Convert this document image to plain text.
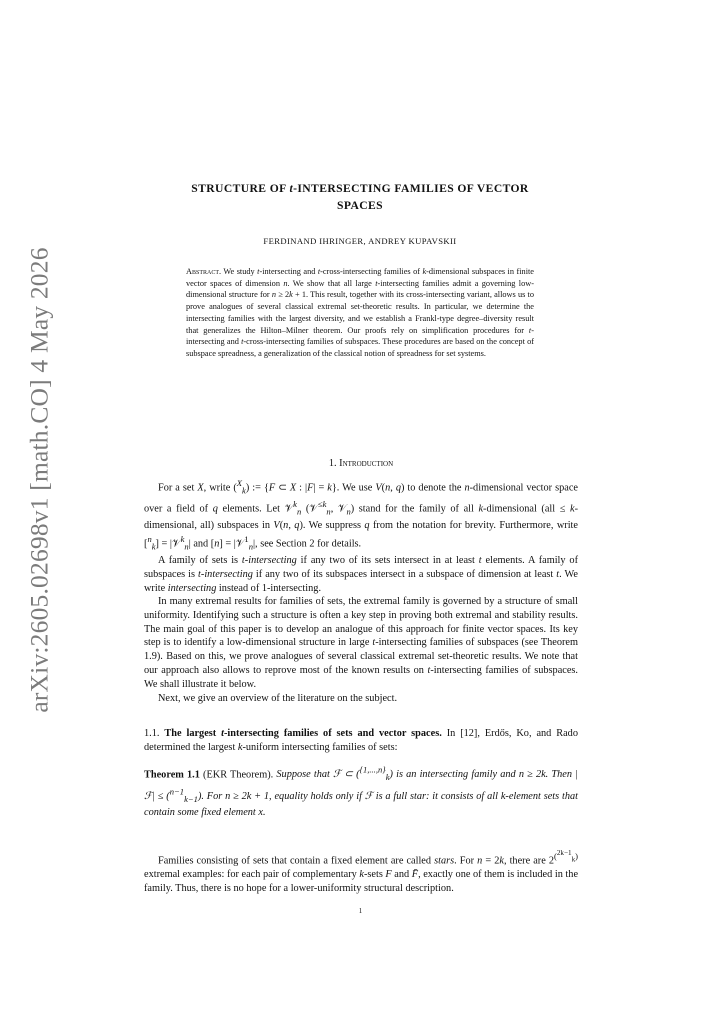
arXiv:2605.02698v1 [math.CO] 4 May 2026
STRUCTURE OF t-INTERSECTING FAMILIES OF VECTOR
SPACES
FERDINAND IHRINGER, ANDREY KUPAVSKII
Abstract. We study t-intersecting and t-cross-intersecting families of k-dimensional subspaces in finite vector spaces of dimension n. We show that all large t-intersecting families admit a governing low-dimensional structure for n ≥ 2k + 1. This result, together with its cross-intersecting variant, allows us to prove analogues of several classical extremal set-theoretic results. In particular, we determine the intersecting families with the largest diversity, and we establish a Frankl-type degree–diversity result that generalizes the Hilton–Milner theorem. Our proofs rely on simplification procedures for t-intersecting and t-cross-intersecting families of subspaces. These procedures are based on the concept of subspace spreadness, a generalization of the classical notion of spreadness for set systems.
1. Introduction

For a set X, write ($^X_k$) := {F ⊂ X : |F| = k}. We use V(n, q) to denote the n-dimensional vector space over a field of q elements. Let 𝒱$^k_n$ (𝒱$^{\le k}_n$, 𝒱$_n$) stand for the family of all k-dimensional (all ≤ k-dimensional, all) subspaces in V(n, q). We suppress q from the notation for brevity. Furthermore, write [$^n_k$] = |𝒱$^k_n$| and [n] = |𝒱$^1_n$|, see Section 2 for details.

A family of sets is t-intersecting if any two of its sets intersect in at least t elements. A family of subspaces is t-intersecting if any two of its subspaces intersect in a subspace of dimension at least t. We write intersecting instead of 1-intersecting.

In many extremal results for families of sets, the extremal family is governed by a structure of small uniformity. Identifying such a structure is often a key step in proving both extremal and stability results. The main goal of this paper is to develop an analogue of this approach for finite vector spaces. Its key step is to identify a low-dimensional structure in large t-intersecting families of subspaces (see Theorem 1.9). Based on this, we prove analogues of several classical extremal set-theoretic results. We note that our approach also allows to reprove most of the known results on t-intersecting families of subspaces. We shall illustrate it below.

Next, we give an overview of the literature on the subject.

1.1. The largest t-intersecting families of sets and vector spaces. In [12], Erdős, Ko, and Rado determined the largest k-uniform intersecting families of sets:

Theorem 1.1 (EKR Theorem). Suppose that ℱ ⊂ ($^{\{1,...,n\}}_k$) is an intersecting family and n ≥ 2k. Then |ℱ| ≤ ($^{n-1}_{k-1}$). For n ≥ 2k + 1, equality holds only if ℱ is a full star: it consists of all k-element sets that contain some fixed element x.

Families consisting of sets that contain a fixed element are called stars. For n = 2k, there are $2^{(^{2k-1}_k)}$ extremal examples: for each pair of complementary k-sets F and F̄, exactly one of them is included in the family. Thus, there is no hope for a lower-uniformity structural description.

1
